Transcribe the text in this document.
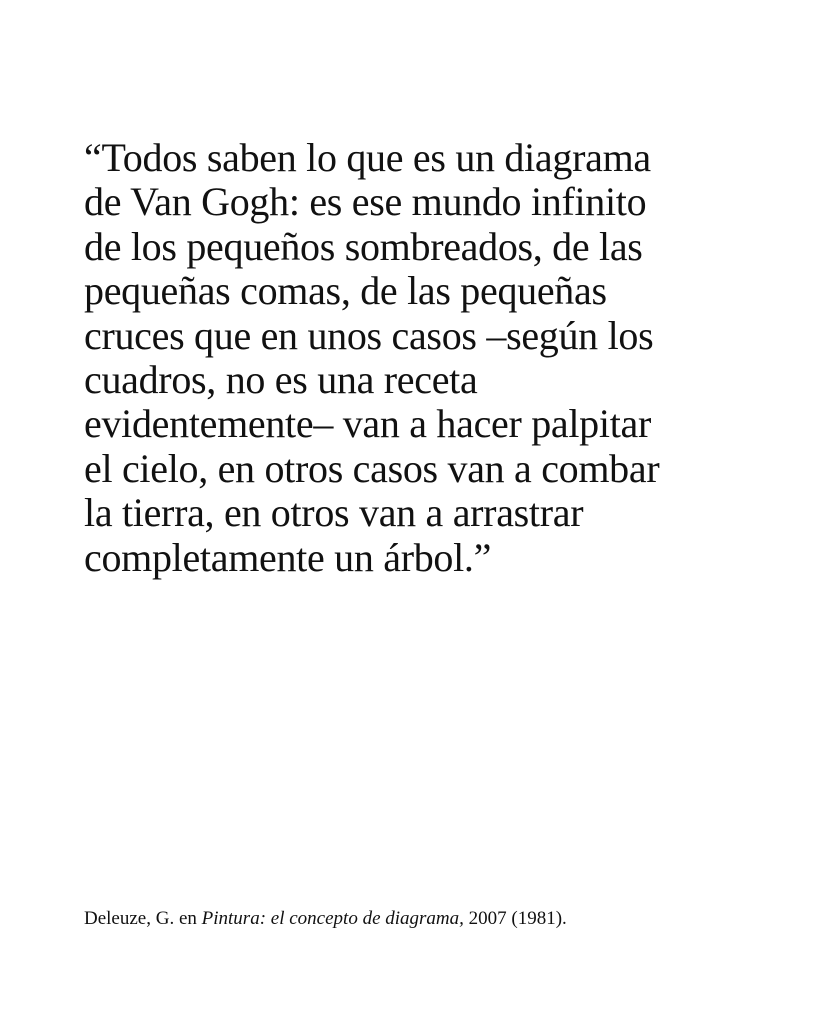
“Todos saben lo que es un diagrama
de Van Gogh: es ese mundo infinito
de los pequeños sombreados, de las
pequeñas comas, de las pequeñas
cruces que en unos casos –según los
cuadros, no es una receta
evidentemente– van a hacer palpitar
el cielo, en otros casos van a combar
la tierra, en otros van a arrastrar
completamente un árbol.”

Deleuze, G. en Pintura: el concepto de diagrama, 2007 (1981).
